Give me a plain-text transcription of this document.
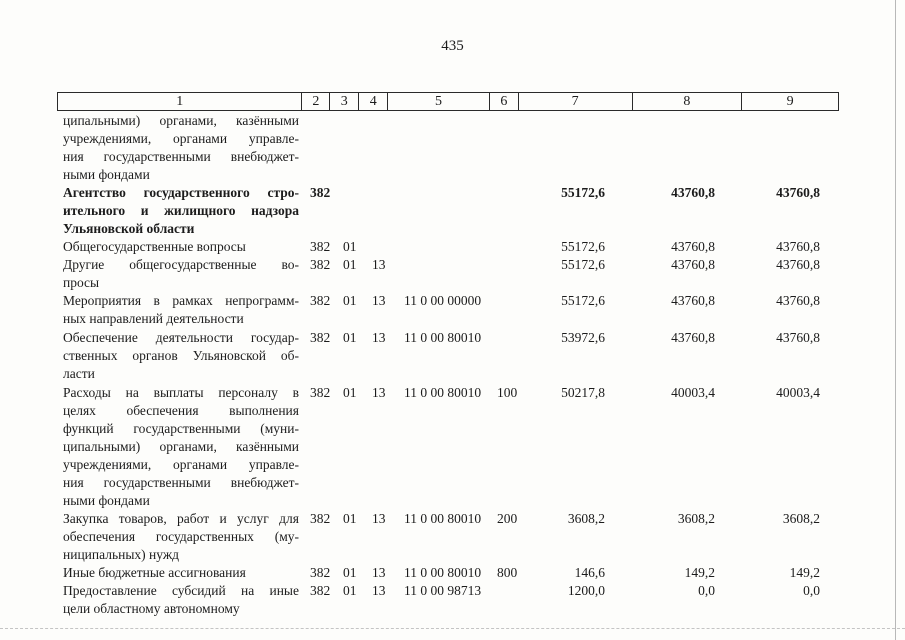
435
1	2	3	4	5	6	7	8	9
ципальными) органами, казёнными
учреждениями, органами управле-
ния государственными внебюджет-
ными фондами
Агентство государственного стро-
ительного и жилищного надзора
Ульяновской области
382	55172,6	43760,8	43760,8
Общегосударственные вопросы	382 01	55172,6	43760,8	43760,8
Другие общегосударственные во-
просы
382 01 13	55172,6	43760,8	43760,8
Мероприятия в рамках непрограмм-
ных направлений деятельности
382 01 13 11 0 00 00000	55172,6	43760,8	43760,8
Обеспечение деятельности государ-
ственных органов Ульяновской об-
ласти
382 01 13 11 0 00 80010	53972,6	43760,8	43760,8
Расходы на выплаты персоналу в
целях обеспечения выполнения
функций государственными (муни-
ципальными) органами, казёнными
учреждениями, органами управле-
ния государственными внебюджет-
ными фондами
382 01 13 11 0 00 80010 100	50217,8	40003,4	40003,4
Закупка товаров, работ и услуг для
обеспечения государственных (му-
ниципальных) нужд
382 01 13 11 0 00 80010 200	3608,2	3608,2	3608,2
Иные бюджетные ассигнования	382 01 13 11 0 00 80010 800	146,6	149,2	149,2
Предоставление субсидий на иные
цели областному автономному
382 01 13 11 0 00 98713	1200,0	0,0	0,0
